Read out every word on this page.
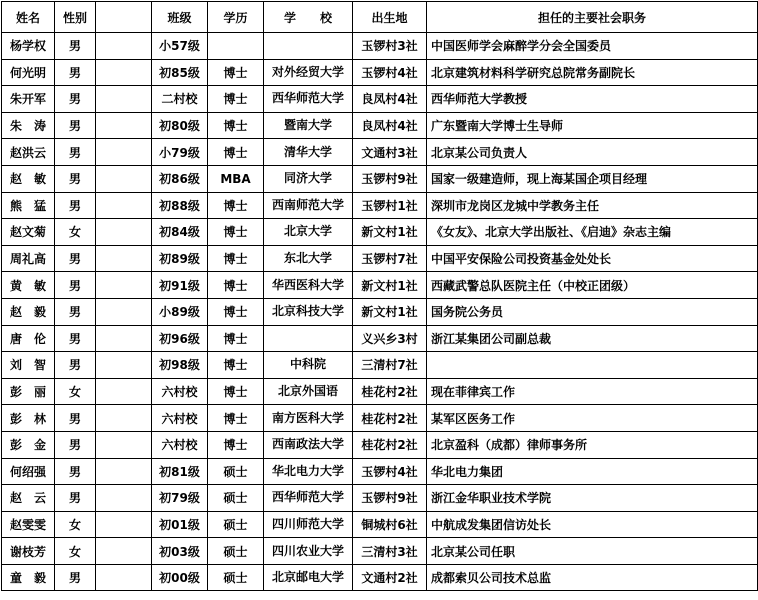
姓名	性别		班级	学历	学　　校	出生地	担任的主要社会职务
杨学权	男		小57级			玉锣村3社	中国医师学会麻醉学分会全国委员
何光明	男		初85级	博士	对外经贸大学	玉锣村4社	北京建筑材料科学研究总院常务副院长
朱开军	男		二村校	博士	西华师范大学	良凤村4社	西华师范大学教授
朱　涛	男		初80级	博士	暨南大学	良凤村4社	广东暨南大学博士生导师
赵洪云	男		小79级	博士	清华大学	文通村3社	北京某公司负责人
赵　敏	男		初86级	MBA	同济大学	玉锣村9社	国家一级建造师，现上海某国企项目经理
熊　猛	男		初88级	博士	西南师范大学	玉锣村1社	深圳市龙岗区龙城中学教务主任
赵文菊	女		初84级	博士	北京大学	新文村1社	《女友》、北京大学出版社、《启迪》杂志主编
周礼高	男		初89级	博士	东北大学	玉锣村7社	中国平安保险公司投资基金处处长
黄　敏	男		初91级	博士	华西医科大学	新文村1社	西藏武警总队医院主任（中校正团级）
赵　毅	男		小89级	博士	北京科技大学	新文村1社	国务院公务员
唐　伦	男		初96级	博士		义兴乡3村	浙江某集团公司副总裁
刘　智	男		初98级	博士	中科院	三清村7社	
彭　丽	女		六村校	博士	北京外国语	桂花村2社	现在菲律宾工作
彭　林	男		六村校	博士	南方医科大学	桂花村2社	某军区医务工作
彭　金	男		六村校	博士	西南政法大学	桂花村2社	北京盈科（成都）律师事务所
何绍强	男		初81级	硕士	华北电力大学	玉锣村4社	华北电力集团
赵　云	男		初79级	硕士	西华师范大学	玉锣村9社	浙江金华职业技术学院
赵雯雯	女		初01级	硕士	四川师范大学	铜城村6社	中航成发集团信访处长
谢枝芳	女		初03级	硕士	四川农业大学	三清村3社	北京某公司任职
童　毅	男		初00级	硕士	北京邮电大学	文通村2社	成都索贝公司技术总监
